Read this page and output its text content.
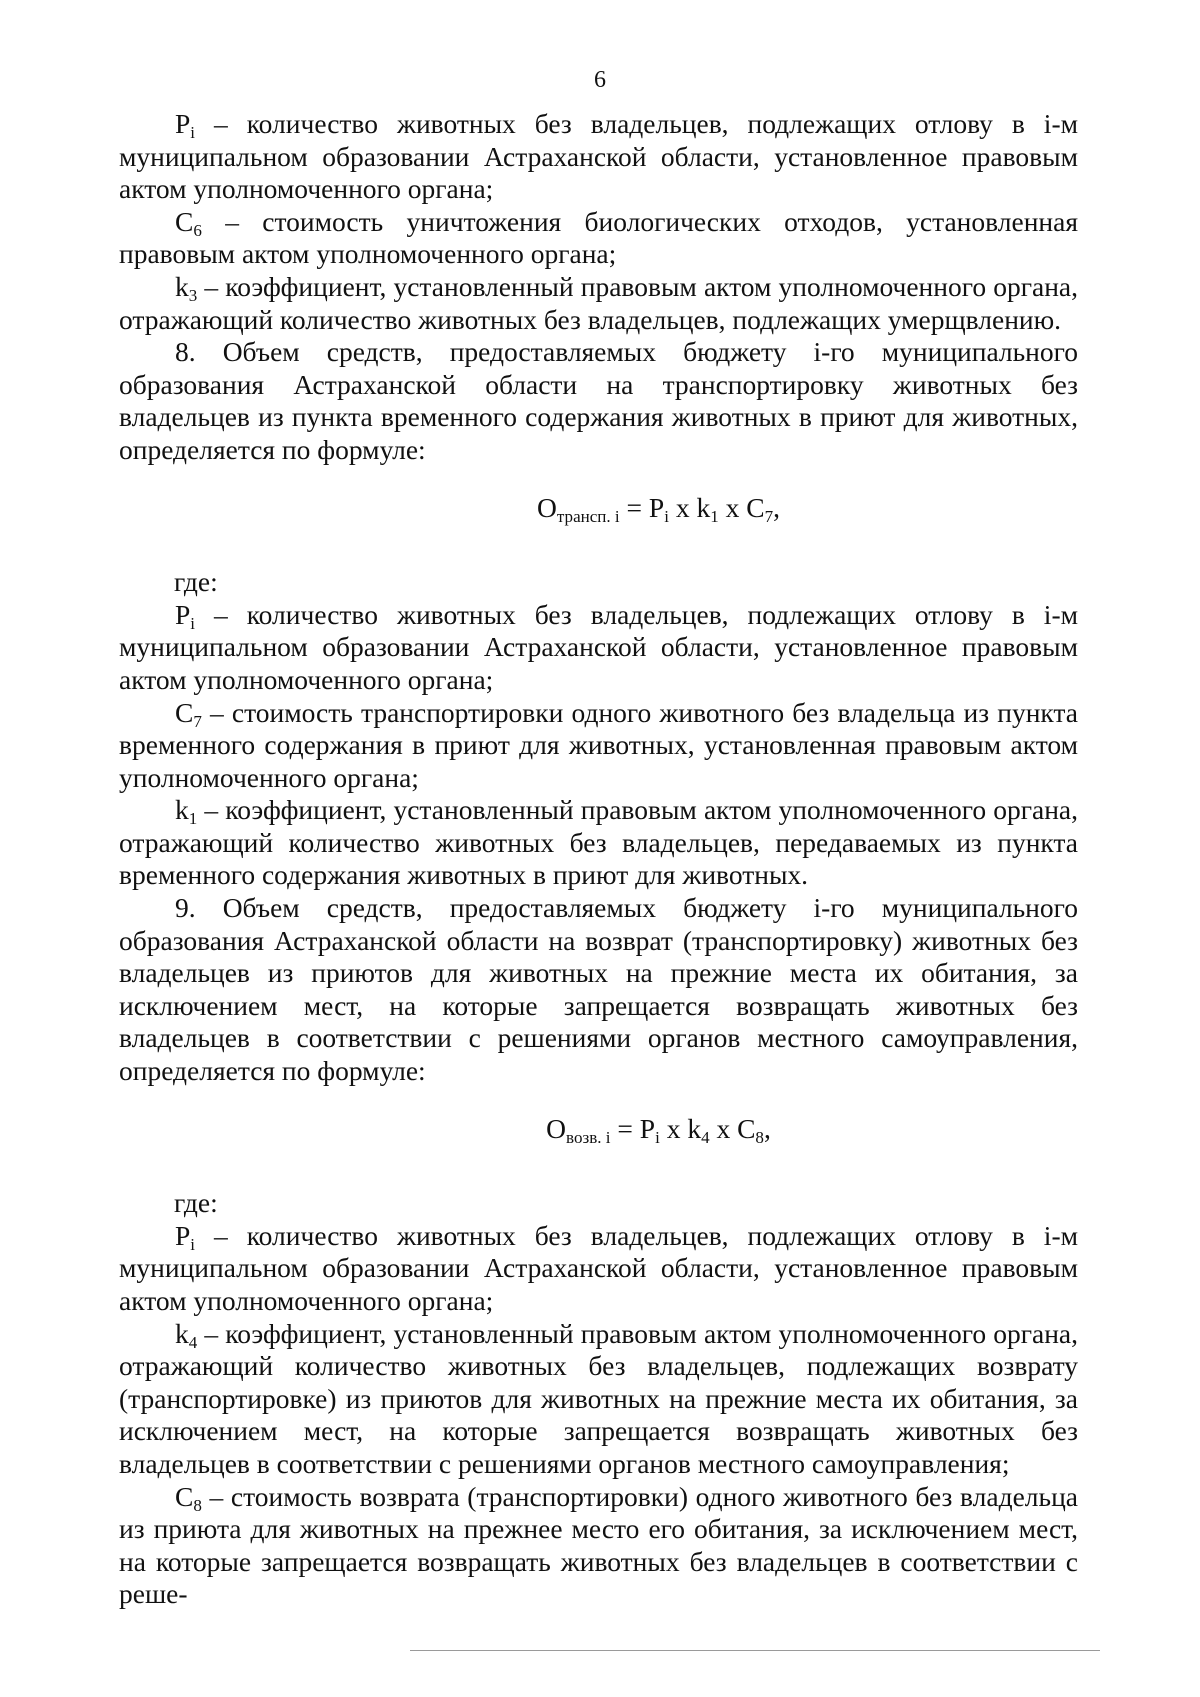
6

$P_i$ – количество животных без владельцев, подлежащих отлову в i-м муниципальном образовании Астраханской области, установленное правовым актом уполномоченного органа;

$C_6$ – стоимость уничтожения биологических отходов, установленная правовым актом уполномоченного органа;

$k_3$ – коэффициент, установленный правовым актом уполномоченного органа, отражающий количество животных без владельцев, подлежащих умерщвлению.

8. Объем средств, предоставляемых бюджету i-го муниципального образования Астраханской области на транспортировку животных без владельцев из пункта временного содержания животных в приют для животных, определяется по формуле:

$O_{трансп. i} = P_i$ x $k_1$ x $C_7$,

где:

$P_i$ – количество животных без владельцев, подлежащих отлову в i-м муниципальном образовании Астраханской области, установленное правовым актом уполномоченного органа;

$C_7$ – стоимость транспортировки одного животного без владельца из пункта временного содержания в приют для животных, установленная правовым актом уполномоченного органа;

$k_1$ – коэффициент, установленный правовым актом уполномоченного органа, отражающий количество животных без владельцев, передаваемых из пункта временного содержания животных в приют для животных.

9. Объем средств, предоставляемых бюджету i-го муниципального образования Астраханской области на возврат (транспортировку) животных без владельцев из приютов для животных на прежние места их обитания, за исключением мест, на которые запрещается возвращать животных без владельцев в соответствии с решениями органов местного самоуправления, определяется по формуле:

$O_{возв. i} = P_i$ x $k_4$ x $C_8$,

где:

$P_i$ – количество животных без владельцев, подлежащих отлову в i-м муниципальном образовании Астраханской области, установленное правовым актом уполномоченного органа;

$k_4$ – коэффициент, установленный правовым актом уполномоченного органа, отражающий количество животных без владельцев, подлежащих возврату (транспортировке) из приютов для животных на прежние места их обитания, за исключением мест, на которые запрещается возвращать животных без владельцев в соответствии с решениями органов местного самоуправления;

$C_8$ – стоимость возврата (транспортировки) одного животного без владельца из приюта для животных на прежнее место его обитания, за исключением мест, на которые запрещается возвращать животных без владельцев в соответствии с реше-
